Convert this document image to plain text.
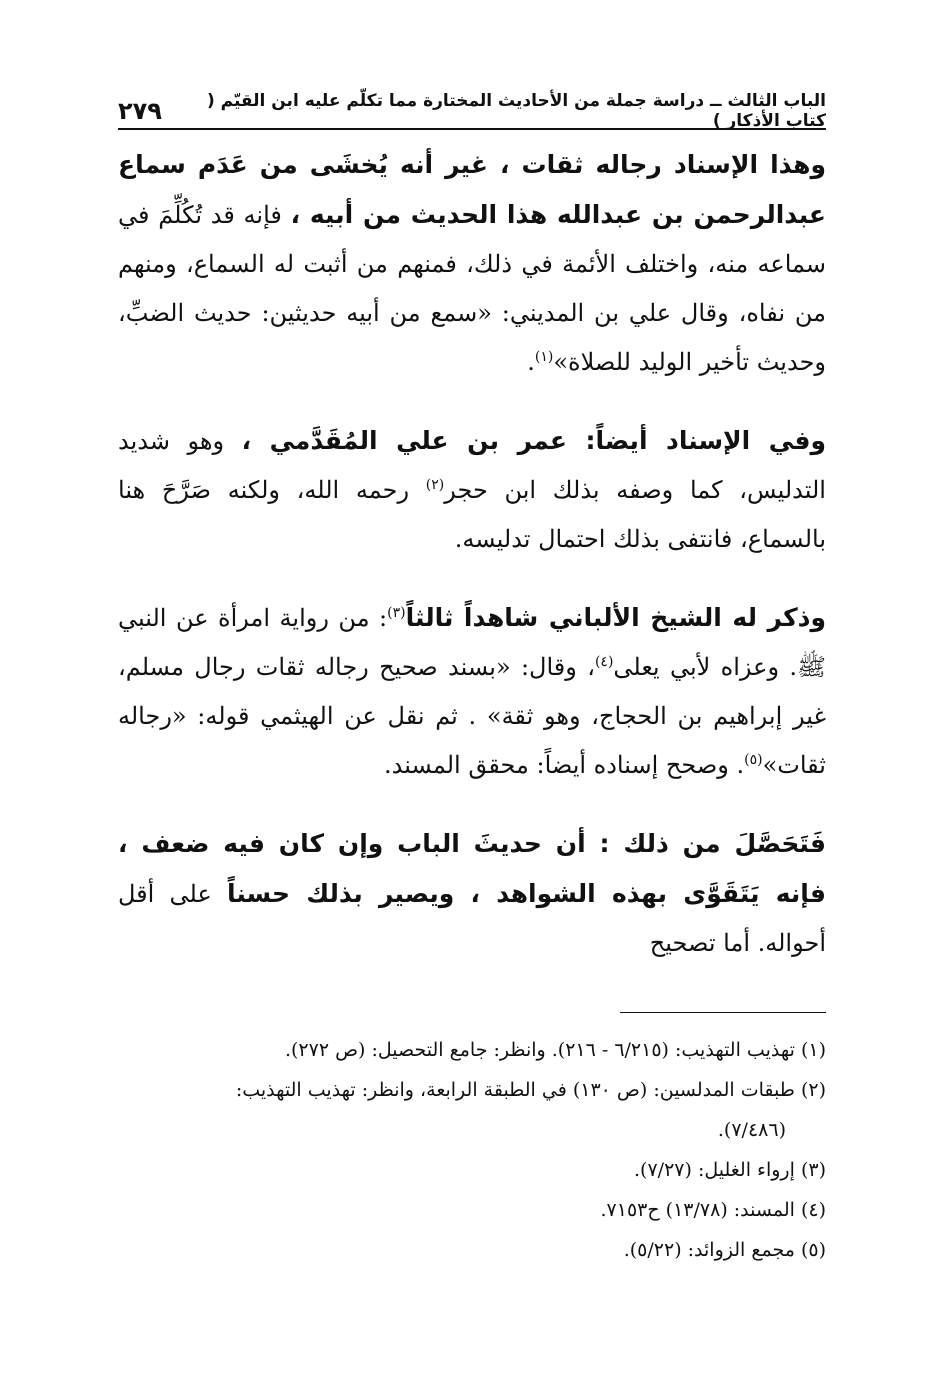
الباب الثالث ــ دراسة جملة من الأحاديث المختارة مما تكلّم عليه ابن القيّم ( كتاب الأذكار )
٢٧٩

وهذا الإسناد رجاله ثقات ، غير أنه يُخشَى من عَدَم سماع عبدالرحمن بن عبدالله هذا الحديث من أبيه ، فإنه قد تُكُلِّمَ في سماعه منه، واختلف الأئمة في ذلك، فمنهم من أثبت له السماع، ومنهم من نفاه، وقال علي بن المديني: «سمع من أبيه حديثين: حديث الضبِّ، وحديث تأخير الوليد للصلاة»$^{(١)}$.

وفي الإسناد أيضاً: عمر بن علي المُقَدَّمي ، وهو شديد التدليس، كما وصفه بذلك ابن حجر$^{(٢)}$ رحمه الله، ولكنه صَرَّحَ هنا بالسماع، فانتفى بذلك احتمال تدليسه.

وذكر له الشيخ الألباني شاهداً ثالثاً$^{(٣)}$: من رواية امرأة عن النبي ﷺ. وعزاه لأبي يعلى$^{(٤)}$، وقال: «بسند صحيح رجاله ثقات رجال مسلم، غير إبراهيم بن الحجاج، وهو ثقة» . ثم نقل عن الهيثمي قوله: «رجاله ثقات»$^{(٥)}$. وصحح إسناده أيضاً: محقق المسند.

فَتَحَصَّلَ من ذلك : أن حديثَ الباب وإن كان فيه ضعف ، فإنه يَتَقَوَّى بهذه الشواهد ، ويصير بذلك حسناً على أقل أحواله. أما تصحيح

(١) تهذيب التهذيب: (٦/٢١٥ - ٢١٦). وانظر: جامع التحصيل: (ص ٢٧٢).
(٢) طبقات المدلسين: (ص ١٣٠) في الطبقة الرابعة، وانظر: تهذيب التهذيب:
(٧/٤٨٦).
(٣) إرواء الغليل: (٧/٢٧).
(٤) المسند: (١٣/٧٨) ح٧١٥٣.
(٥) مجمع الزوائد: (٥/٢٢).
